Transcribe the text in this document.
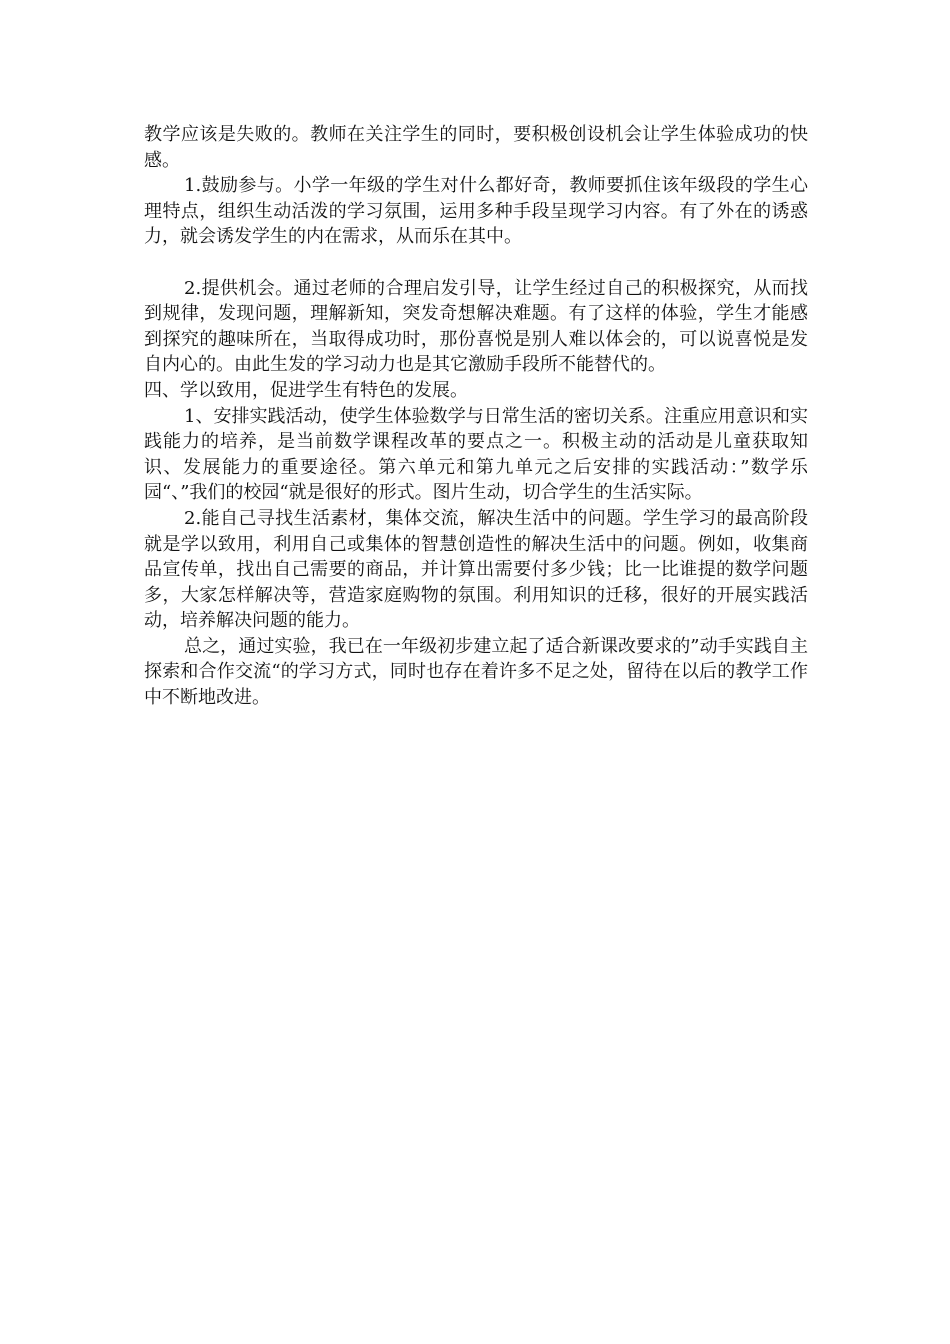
教学应该是失败的。教师在关注学生的同时，要积极创设机会让学生体验成功的快感。

1.鼓励参与。小学一年级的学生对什么都好奇，教师要抓住该年级段的学生心理特点，组织生动活泼的学习氛围，运用多种手段呈现学习内容。有了外在的诱惑力，就会诱发学生的内在需求，从而乐在其中。

2.提供机会。通过老师的合理启发引导，让学生经过自己的积极探究，从而找到规律，发现问题，理解新知，突发奇想解决难题。有了这样的体验，学生才能感到探究的趣味所在，当取得成功时，那份喜悦是别人难以体会的，可以说喜悦是发自内心的。由此生发的学习动力也是其它激励手段所不能替代的。

四、学以致用，促进学生有特色的发展。

1、安排实践活动，使学生体验数学与日常生活的密切关系。注重应用意识和实践能力的培养，是当前数学课程改革的要点之一。积极主动的活动是儿童获取知识、发展能力的重要途径。第六单元和第九单元之后安排的实践活动：”数学乐园“、”我们的校园“就是很好的形式。图片生动，切合学生的生活实际。

2.能自己寻找生活素材，集体交流，解决生活中的问题。学生学习的最高阶段就是学以致用，利用自己或集体的智慧创造性的解决生活中的问题。例如，收集商品宣传单，找出自己需要的商品，并计算出需要付多少钱；比一比谁提的数学问题多，大家怎样解决等，营造家庭购物的氛围。利用知识的迁移，很好的开展实践活动，培养解决问题的能力。

总之，通过实验，我已在一年级初步建立起了适合新课改要求的”动手实践自主探索和合作交流“的学习方式，同时也存在着许多不足之处，留待在以后的教学工作中不断地改进。
